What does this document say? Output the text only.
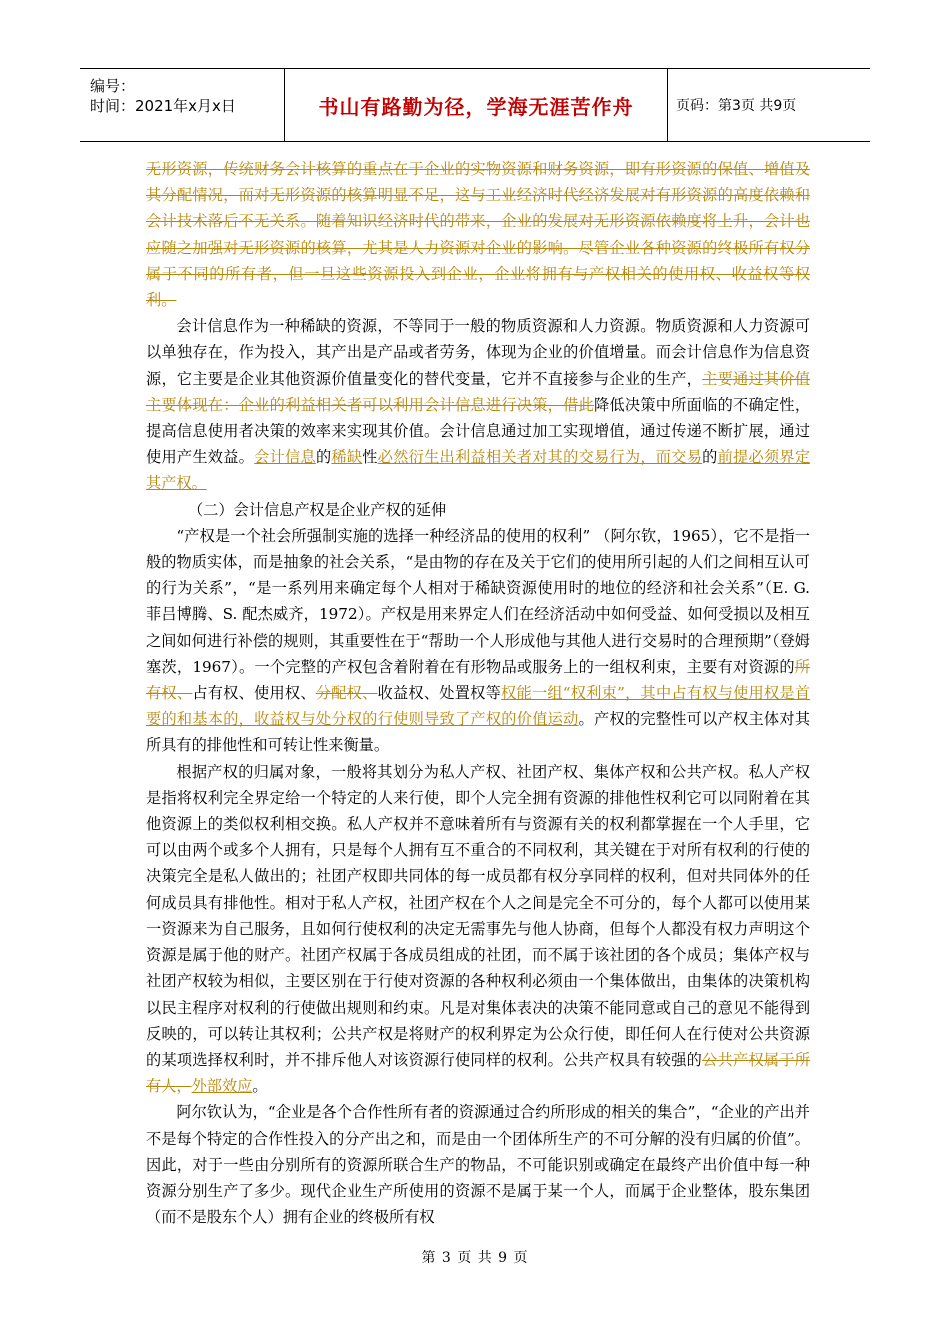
编号：
时间：2021年x月x日	书山有路勤为径，学海无涯苦作舟	页码：第3页 共9页

无形资源，传统财务会计核算的重点在于企业的实物资源和财务资源，即有形资源的保值、增值及其分配情况，而对无形资源的核算明显不足，这与工业经济时代经济发展对有形资源的高度依赖和会计技术落后不无关系。随着知识经济时代的带来，企业的发展对无形资源依赖度将上升，会计也应随之加强对无形资源的核算，尤其是人力资源对企业的影响。尽管企业各种资源的终极所有权分属于不同的所有者，但一旦这些资源投入到企业，企业将拥有与产权相关的使用权、收益权等权利。

会计信息作为一种稀缺的资源，不等同于一般的物质资源和人力资源。物质资源和人力资源可以单独存在，作为投入，其产出是产品或者劳务，体现为企业的价值增量。而会计信息作为信息资源，它主要是企业其他资源价值量变化的替代变量，它并不直接参与企业的生产，主要通过其价值主要体现在：企业的利益相关者可以利用会计信息进行决策，借此降低决策中所面临的不确定性，提高信息使用者决策的效率来实现其价值。会计信息通过加工实现增值，通过传递不断扩展，通过使用产生效益。会计信息的稀缺性必然衍生出利益相关者对其的交易行为，而交易的前提必须界定其产权。

（二）会计信息产权是企业产权的延伸

“产权是一个社会所强制实施的选择一种经济品的使用的权利” （阿尔钦，1965），它不是指一般的物质实体，而是抽象的社会关系，“是由物的存在及关于它们的使用所引起的人们之间相互认可的行为关系”，“是一系列用来确定每个人相对于稀缺资源使用时的地位的经济和社会关系”（E. G. 菲吕博腾、S. 配杰威齐，1972）。产权是用来界定人们在经济活动中如何受益、如何受损以及相互之间如何进行补偿的规则，其重要性在于“帮助一个人形成他与其他人进行交易时的合理预期”（登姆塞茨，1967）。一个完整的产权包含着附着在有形物品或服务上的一组权利束，主要有对资源的所有权、占有权、使用权、分配权、收益权、处置权等权能一组“权利束”，其中占有权与使用权是首要的和基本的，收益权与处分权的行使则导致了产权的价值运动。产权的完整性可以产权主体对其所具有的排他性和可转让性来衡量。

根据产权的归属对象，一般将其划分为私人产权、社团产权、集体产权和公共产权。私人产权是指将权利完全界定给一个特定的人来行使，即个人完全拥有资源的排他性权利它可以同附着在其他资源上的类似权利相交换。私人产权并不意味着所有与资源有关的权利都掌握在一个人手里，它可以由两个或多个人拥有，只是每个人拥有互不重合的不同权利，其关键在于对所有权利的行使的决策完全是私人做出的；社团产权即共同体的每一成员都有权分享同样的权利，但对共同体外的任何成员具有排他性。相对于私人产权，社团产权在个人之间是完全不可分的，每个人都可以使用某一资源来为自己服务，且如何行使权利的决定无需事先与他人协商，但每个人都没有权力声明这个资源是属于他的财产。社团产权属于各成员组成的社团，而不属于该社团的各个成员；集体产权与社团产权较为相似，主要区别在于行使对资源的各种权利必须由一个集体做出，由集体的决策机构以民主程序对权利的行使做出规则和约束。凡是对集体表决的决策不能同意或自己的意见不能得到反映的，可以转让其权利；公共产权是将财产的权利界定为公众行使，即任何人在行使对公共资源的某项选择权利时，并不排斥他人对该资源行使同样的权利。公共产权具有较强的公共产权属于所有人，外部效应。

阿尔钦认为，“企业是各个合作性所有者的资源通过合约所形成的相关的集合”，“企业的产出并不是每个特定的合作性投入的分产出之和，而是由一个团体所生产的不可分解的没有归属的价值”。因此，对于一些由分别所有的资源所联合生产的物品，不可能识别或确定在最终产出价值中每一种资源分别生产了多少。现代企业生产所使用的资源不是属于某一个人，而属于企业整体，股东集团（而不是股东个人）拥有企业的终极所有权

第 3 页 共 9 页
